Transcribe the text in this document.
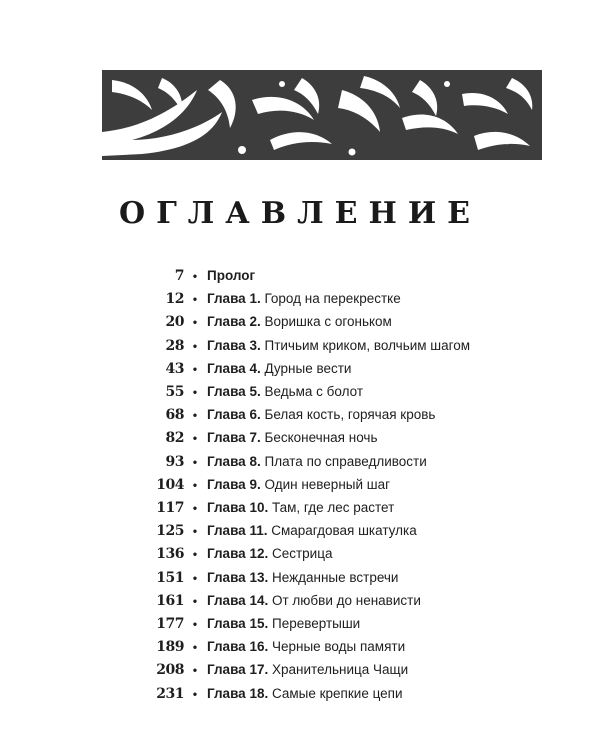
ОГЛАВЛЕНИЕ
7 • Пролог
12 • Глава 1. Город на перекрестке
20 • Глава 2. Воришка с огоньком
28 • Глава 3. Птичьим криком, волчьим шагом
43 • Глава 4. Дурные вести
55 • Глава 5. Ведьма с болот
68 • Глава 6. Белая кость, горячая кровь
82 • Глава 7. Бесконечная ночь
93 • Глава 8. Плата по справедливости
104 • Глава 9. Один неверный шаг
117 • Глава 10. Там, где лес растет
125 • Глава 11. Смарагдовая шкатулка
136 • Глава 12. Сестрица
151 • Глава 13. Нежданные встречи
161 • Глава 14. От любви до ненависти
177 • Глава 15. Перевертыши
189 • Глава 16. Черные воды памяти
208 • Глава 17. Хранительница Чащи
231 • Глава 18. Самые крепкие цепи
